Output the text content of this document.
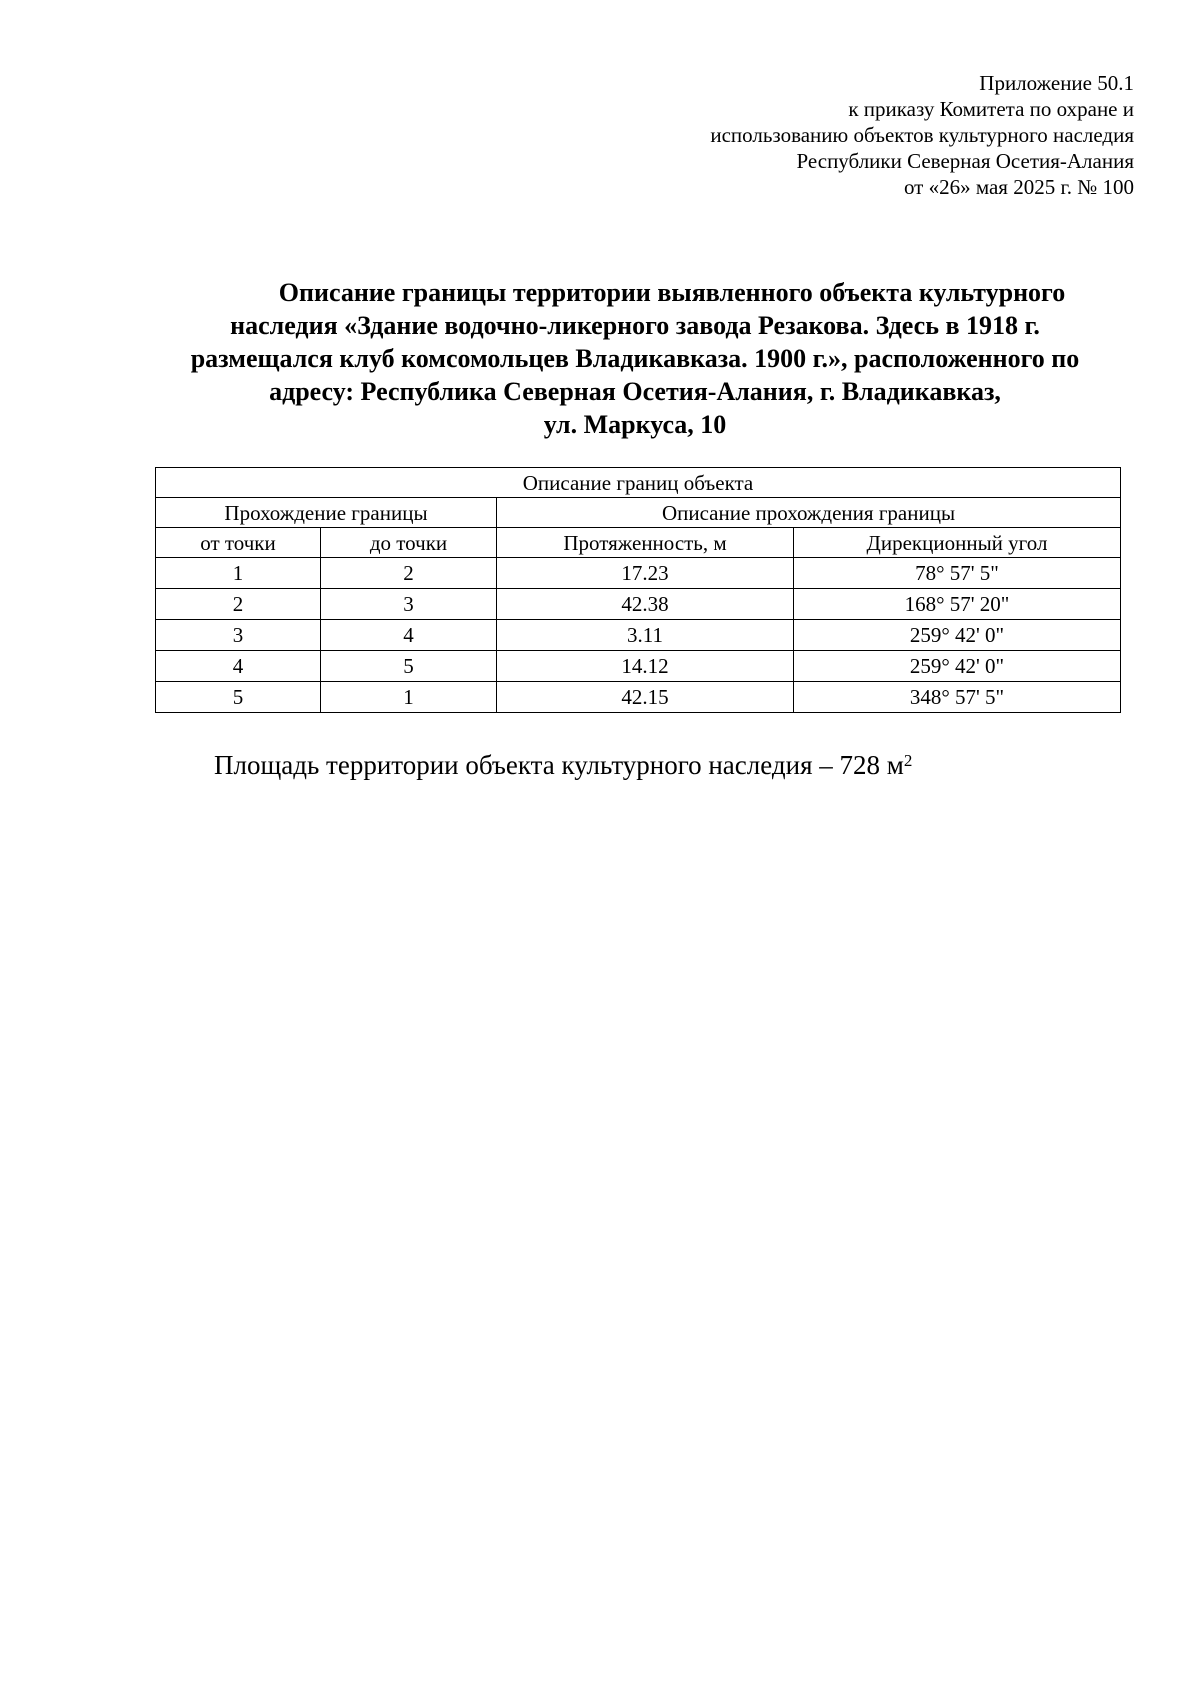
Приложение 50.1
к приказу Комитета по охране и
использованию объектов культурного наследия
Республики Северная Осетия-Алания
от «26» мая 2025 г. № 100
Описание границы территории выявленного объекта культурного
наследия «Здание водочно-ликерного завода Резакова. Здесь в 1918 г.
размещался клуб комсомольцев Владикавказа. 1900 г.», расположенного по
адресу: Республика Северная Осетия-Алания, г. Владикавказ,
ул. Маркуса, 10
Описание границ объекта			
Прохождение границы		Описание прохождения границы	
от точки	до точки	Протяженность, м	Дирекционный угол
1	2	17.23	78° 57' 5"
2	3	42.38	168° 57' 20"
3	4	3.11	259° 42' 0"
4	5	14.12	259° 42' 0"
5	1	42.15	348° 57' 5"
Площадь территории объекта культурного наследия – 728 $м^2$
